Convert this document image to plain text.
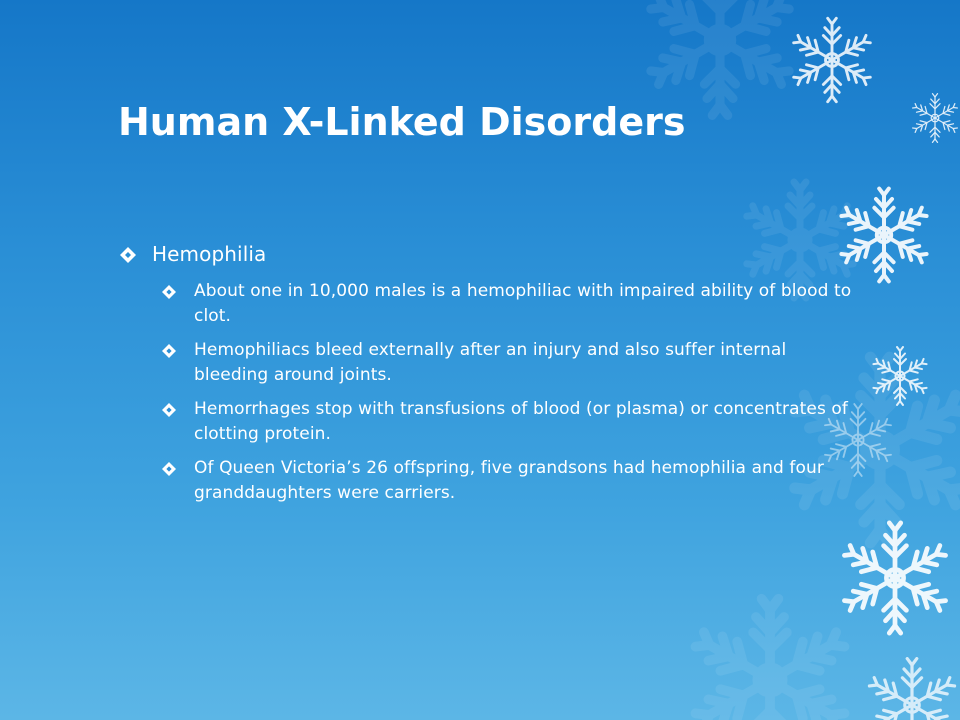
Human X-Linked Disorders
Hemophilia
About one in 10,000 males is a hemophiliac with impaired ability of blood to clot.
Hemophiliacs bleed externally after an injury and also suffer internal bleeding around joints.
Hemorrhages stop with transfusions of blood (or plasma) or concentrates of clotting protein.
Of Queen Victoria’s 26 offspring, five grandsons had hemophilia and four granddaughters were carriers.
